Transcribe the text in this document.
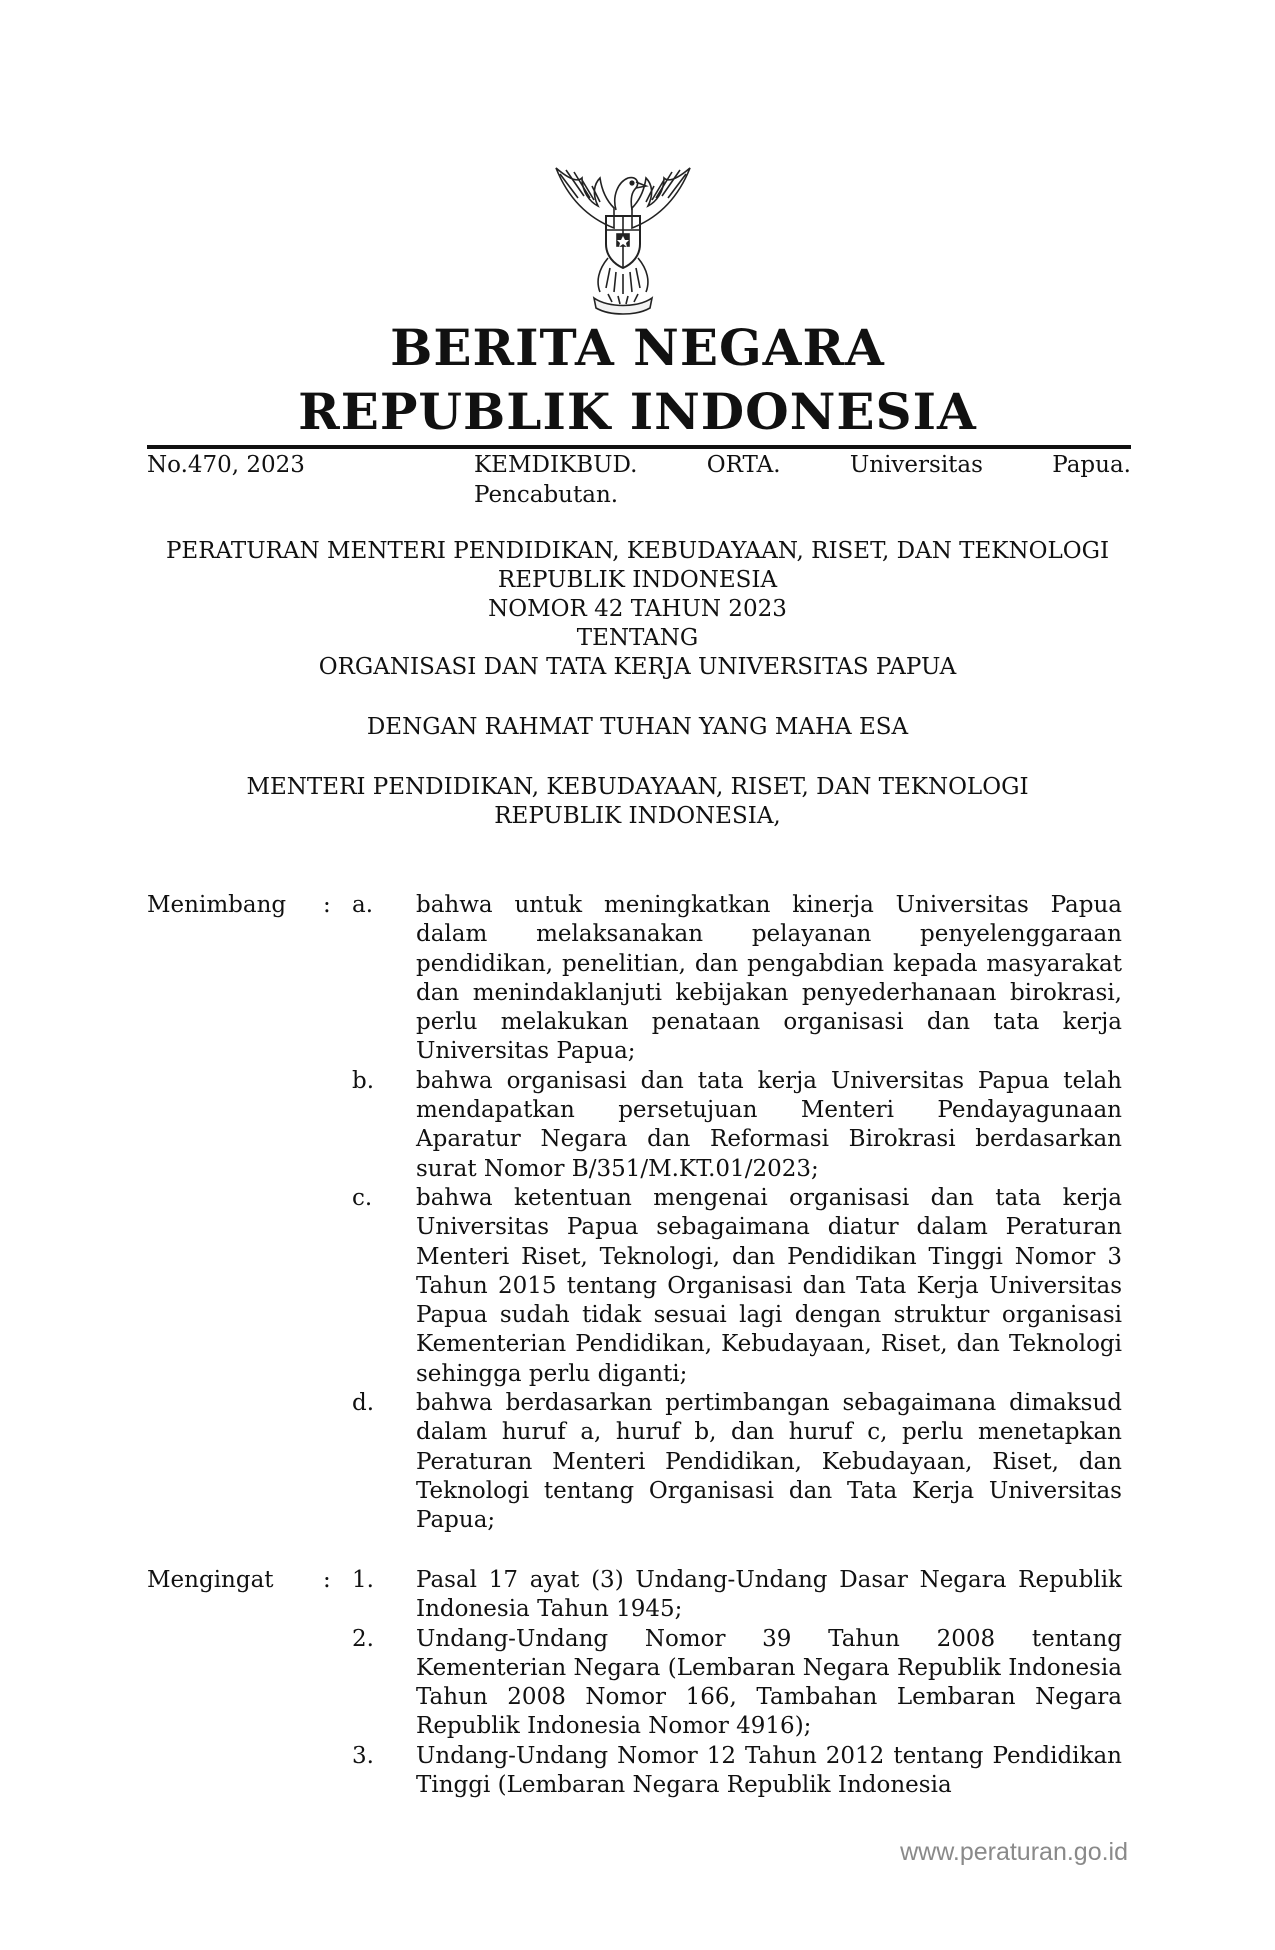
BERITA NEGARA
REPUBLIK INDONESIA
No.470, 2023	KEMDIKBUD. ORTA. Universitas Papua.
Pencabutan.
PERATURAN MENTERI PENDIDIKAN, KEBUDAYAAN, RISET, DAN TEKNOLOGI
REPUBLIK INDONESIA
NOMOR 42 TAHUN 2023
TENTANG
ORGANISASI DAN TATA KERJA UNIVERSITAS PAPUA
DENGAN RAHMAT TUHAN YANG MAHA ESA
MENTERI PENDIDIKAN, KEBUDAYAAN, RISET, DAN TEKNOLOGI
REPUBLIK INDONESIA,
Menimbang : a. bahwa untuk meningkatkan kinerja Universitas Papua dalam melaksanakan pelayanan penyelenggaraan pendidikan, penelitian, dan pengabdian kepada masyarakat dan menindaklanjuti kebijakan penyederhanaan birokrasi, perlu melakukan penataan organisasi dan tata kerja Universitas Papua;
b. bahwa organisasi dan tata kerja Universitas Papua telah mendapatkan persetujuan Menteri Pendayagunaan Aparatur Negara dan Reformasi Birokrasi berdasarkan surat Nomor B/351/M.KT.01/2023;
c. bahwa ketentuan mengenai organisasi dan tata kerja Universitas Papua sebagaimana diatur dalam Peraturan Menteri Riset, Teknologi, dan Pendidikan Tinggi Nomor 3 Tahun 2015 tentang Organisasi dan Tata Kerja Universitas Papua sudah tidak sesuai lagi dengan struktur organisasi Kementerian Pendidikan, Kebudayaan, Riset, dan Teknologi sehingga perlu diganti;
d. bahwa berdasarkan pertimbangan sebagaimana dimaksud dalam huruf a, huruf b, dan huruf c, perlu menetapkan Peraturan Menteri Pendidikan, Kebudayaan, Riset, dan Teknologi tentang Organisasi dan Tata Kerja Universitas Papua;
Mengingat : 1. Pasal 17 ayat (3) Undang-Undang Dasar Negara Republik Indonesia Tahun 1945;
2. Undang-Undang Nomor 39 Tahun 2008 tentang Kementerian Negara (Lembaran Negara Republik Indonesia Tahun 2008 Nomor 166, Tambahan Lembaran Negara Republik Indonesia Nomor 4916);
3. Undang-Undang Nomor 12 Tahun 2012 tentang Pendidikan Tinggi (Lembaran Negara Republik Indonesia
www.peraturan.go.id
